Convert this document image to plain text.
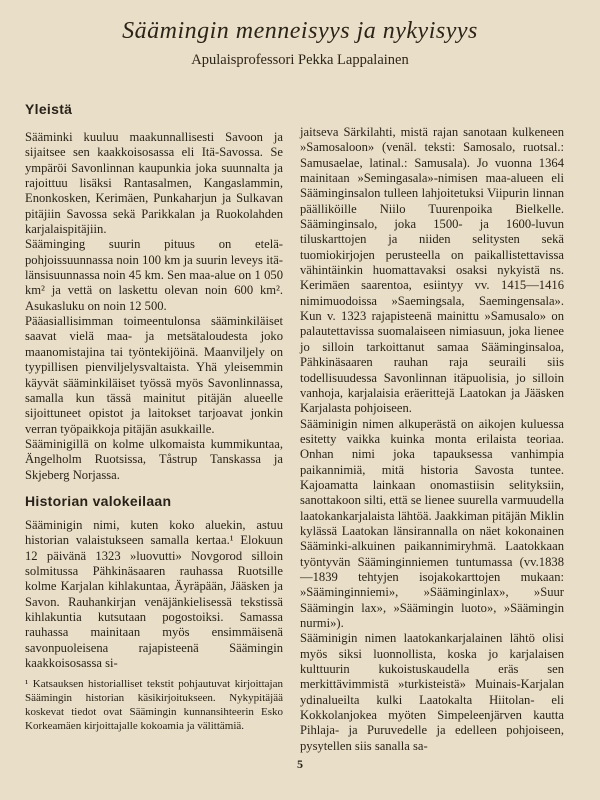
Säämingin menneisyys ja nykyisyys
Apulaisprofessori Pekka Lappalainen
Yleistä

Sääminki kuuluu maakunnallisesti Savoon ja sijaitsee sen kaakkoisosassa eli Itä-Savossa. Se ympäröi Savonlinnan kaupunkia joka suunnalta ja rajoittuu lisäksi Rantasalmen, Kangaslammin, Enonkosken, Kerimäen, Punkaharjun ja Sulkavan pitäjiin Savossa sekä Parikkalan ja Ruokolahden karjalaispitäjiin.

Sääminging suurin pituus on etelä-pohjoissuunnassa noin 100 km ja suurin leveys itä-länsisuunnassa noin 45 km. Sen maa-alue on 1 050 km² ja vettä on laskettu olevan noin 600 km². Asukasluku on noin 12 500.

Pääasiallisimman toimeentulonsa sääminkiläiset saavat vielä maa- ja metsätaloudesta joko maanomistajina tai työntekijöinä. Maanviljely on tyypillisen pienviljelysvaltaista. Yhä yleisemmin käyvät sääminkiläiset työssä myös Savonlinnassa, samalla kun tässä mainitut pitäjän alueelle sijoittuneet opistot ja laitokset tarjoavat jonkin verran työpaikkoja pitäjän asukkaille.

Sääminigillä on kolme ulkomaista kummikuntaa, Ängelholm Ruotsissa, Tåstrup Tanskassa ja Skjeberg Norjassa.

Historian valokeilaan

Sääminigin nimi, kuten koko aluekin, astuu historian valaistukseen samalla kertaa.¹ Elokuun 12 päivänä 1323 »luovutti» Novgorod silloin solmitussa Pähkinäsaaren rauhassa Ruotsille kolme Karjalan kihlakuntaa, Äyräpään, Jääsken ja Savon. Rauhankirjan venäjänkielisessä tekstissä kihlakuntia kutsutaan pogostoiksi. Samassa rauhassa mainitaan myös ensimmäisenä savonpuoleisena rajapisteenä Säämingin kaakkoisosassa si-

¹ Katsauksen historialliset tekstit pohjautuvat kirjoittajan Säämingin historian käsikirjoitukseen. Nykypitäjää koskevat tiedot ovat Säämingin kunnansihteerin Esko Korkeamäen kirjoittajalle kokoamia ja välittämiä.

jaitseva Särkilahti, mistä rajan sanotaan kulkeneen »Samosaloon» (venäl. teksti: Samosalo, ruotsal.: Samusaelae, latinal.: Samusala). Jo vuonna 1364 mainitaan »Semingasala»-nimisen maa-alueen eli Sääminginsalon tulleen lahjoitetuksi Viipurin linnan päälliköille Niilo Tuurenpoika Bielkelle. Sääminginsalo, joka 1500- ja 1600-luvun tiluskarttojen ja niiden selitysten sekä tuomiokirjojen perusteella on paikallistettavissa vähintäinkin huomattavaksi osaksi nykyistä ns. Kerimäen saarentoa, esiintyy vv. 1415—1416 nimimuodoissa »Saemingsala, Saemingensala». Kun v. 1323 rajapisteenä mainittu »Samusalo» on palautettavissa suomalaiseen nimiasuun, joka lienee jo silloin tarkoittanut samaa Sääminginsaloa, Pähkinäsaaren rauhan raja seuraili siis todellisuudessa Savonlinnan itäpuolisia, jo silloin vanhoja, karjalaisia eräerittejä Laatokan ja Jääsken Karjalasta pohjoiseen.

Sääminigin nimen alkuperästä on aikojen kuluessa esitetty vaikka kuinka monta erilaista teoriaa. Onhan nimi joka tapauksessa vanhimpia paikannimiä, mitä historia Savosta tuntee. Kajoamatta lainkaan onomastiisin selityksiin, sanottakoon silti, että se lienee suurella varmuudella laatokankarjalaista lähtöä. Jaakkiman pitäjän Miklin kylässä Laatokan länsirannalla on näet kokonainen Sääminki-alkuinen paikannimiryhmä. Laatokkaan työntyvän Sääminginniemen tuntumassa (vv.1838—1839 tehtyjen isojakokarttojen mukaan: »Sääminginniemi», »Sääminginlax», »Suur Säämingin lax», »Säämingin luoto», »Säämingin nurmi»).

Sääminigin nimen laatokankarjalainen lähtö olisi myös siksi luonnollista, koska jo karjalaisen kulttuurin kukoistuskaudella eräs sen merkittävimmistä »turkisteistä» Muinais-Karjalan ydinalueilta kulki Laatokalta Hiitolan- eli Kokkolanjokea myöten Simpeleenjärven kautta Pihlaja- ja Puruvedelle ja edelleen pohjoiseen, pysytellen siis sanalla sa-

5
